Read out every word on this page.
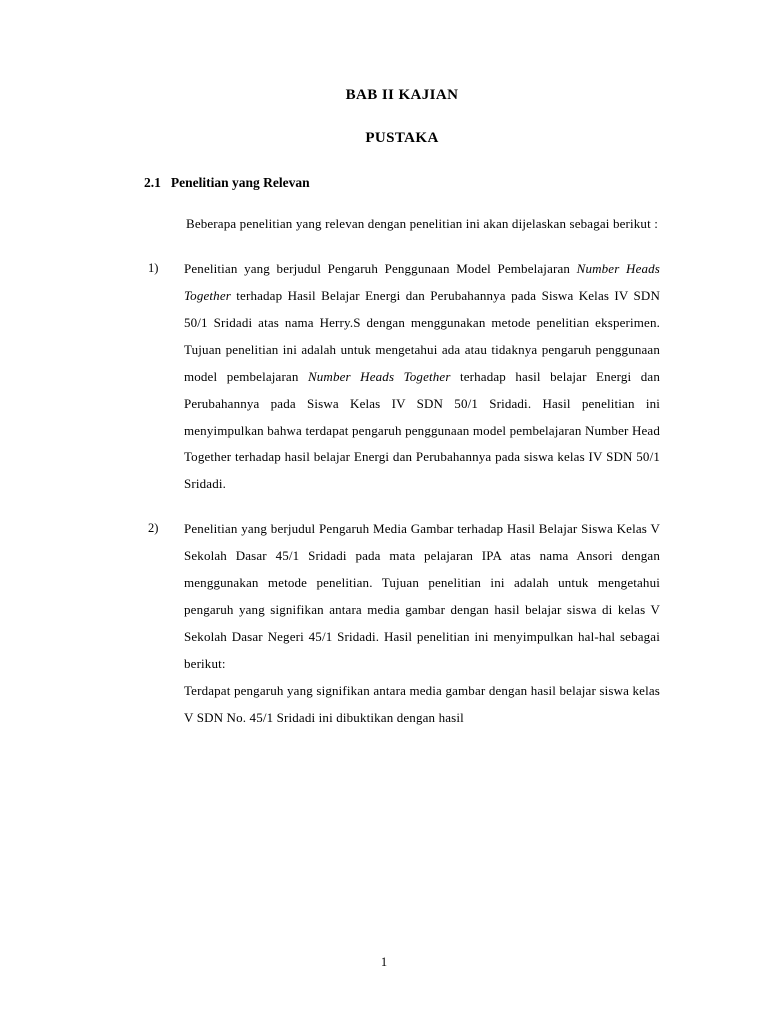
BAB II KAJIAN
PUSTAKA
2.1 Penelitian yang Relevan

Beberapa penelitian yang relevan dengan penelitian ini akan dijelaskan sebagai berikut :

1)	Penelitian yang berjudul Pengaruh Penggunaan Model Pembelajaran Number Heads Together terhadap Hasil Belajar Energi dan Perubahannya pada Siswa Kelas IV SDN 50/1 Sridadi atas nama Herry.S dengan menggunakan metode penelitian eksperimen. Tujuan penelitian ini adalah untuk mengetahui ada atau tidaknya pengaruh penggunaan model pembelajaran Number Heads Together terhadap hasil belajar Energi dan Perubahannya pada Siswa Kelas IV SDN 50/1 Sridadi. Hasil penelitian ini menyimpulkan bahwa terdapat pengaruh penggunaan model pembelajaran Number Head Together terhadap hasil belajar Energi dan Perubahannya pada siswa kelas IV SDN 50/1 Sridadi.
2)	Penelitian yang berjudul Pengaruh Media Gambar terhadap Hasil Belajar Siswa Kelas V Sekolah Dasar 45/1 Sridadi pada mata pelajaran IPA atas nama Ansori dengan menggunakan metode penelitian. Tujuan penelitian ini adalah untuk mengetahui pengaruh yang signifikan antara media gambar dengan hasil belajar siswa di kelas V Sekolah Dasar Negeri 45/1 Sridadi. Hasil penelitian ini menyimpulkan hal-hal sebagai berikut:
Terdapat pengaruh yang signifikan antara media gambar dengan hasil belajar siswa kelas V SDN No. 45/1 Sridadi ini dibuktikan dengan hasil
1
